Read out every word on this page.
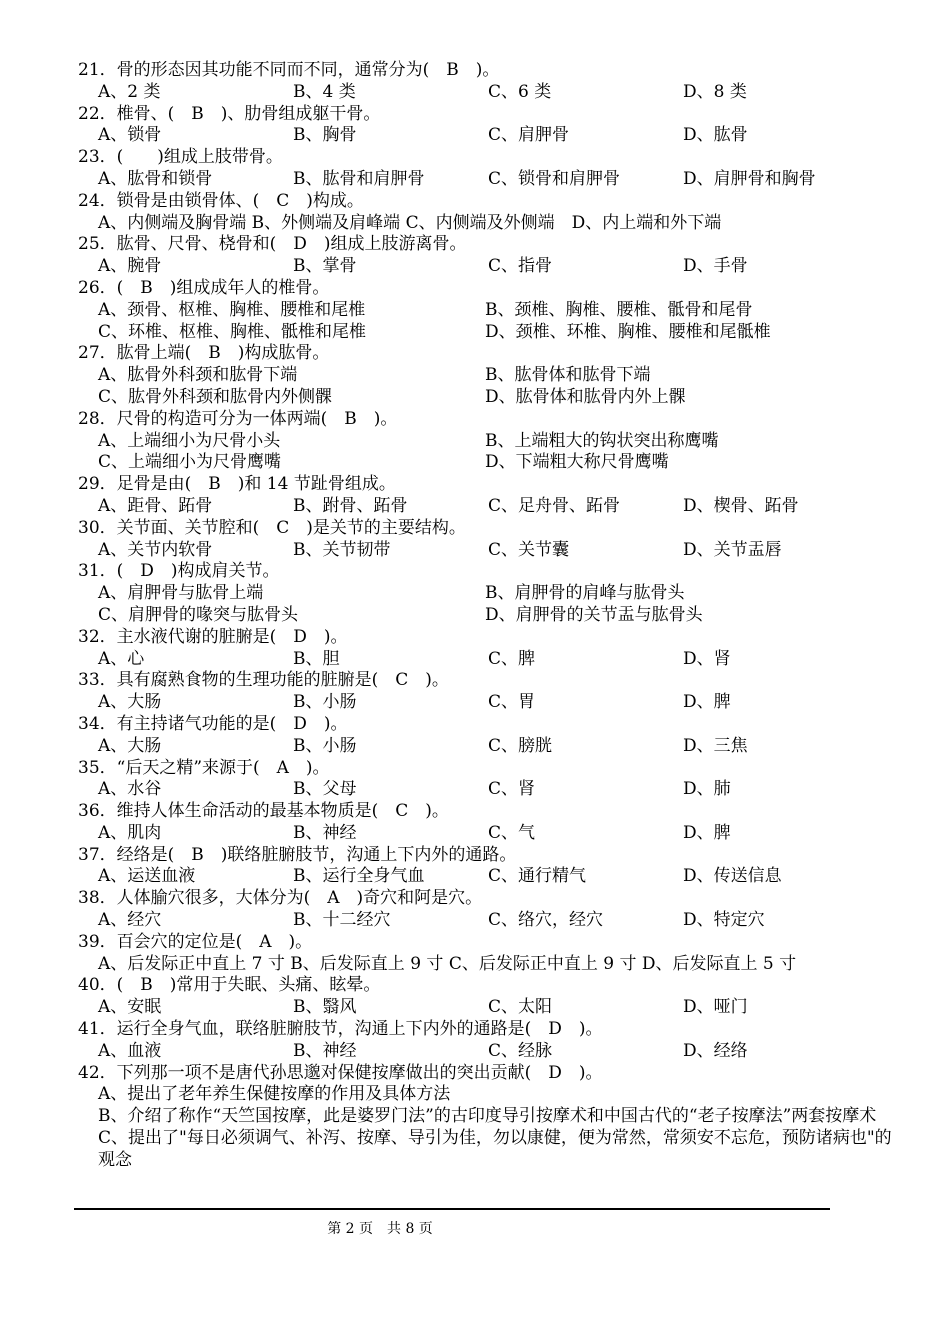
21．骨的形态因其功能不同而不同，通常分为(　B　)。
A、2 类	B、4 类	C、6 类	D、8 类
22．椎骨、(　B　)、肋骨组成躯干骨。
A、锁骨	B、胸骨	C、肩胛骨	D、肱骨
23．(　　)组成上肢带骨。
A、肱骨和锁骨	B、肱骨和肩胛骨	C、锁骨和肩胛骨	D、肩胛骨和胸骨
24．锁骨是由锁骨体、(　C　)构成。
A、内侧端及胸骨端 B、外侧端及肩峰端 C、内侧端及外侧端　D、内上端和外下端
25．肱骨、尺骨、桡骨和(　D　)组成上肢游离骨。
A、腕骨	B、掌骨	C、指骨	D、手骨
26．(　B　)组成成年人的椎骨。
A、颈骨、枢椎、胸椎、腰椎和尾椎	B、颈椎、胸椎、腰椎、骶骨和尾骨
C、环椎、枢椎、胸椎、骶椎和尾椎	D、颈椎、环椎、胸椎、腰椎和尾骶椎
27．肱骨上端(　B　)构成肱骨。
A、肱骨外科颈和肱骨下端	B、肱骨体和肱骨下端
C、肱骨外科颈和肱骨内外侧髁	D、肱骨体和肱骨内外上髁
28．尺骨的构造可分为一体两端(　B　)。
A、上端细小为尺骨小头	B、上端粗大的钩状突出称鹰嘴
C、上端细小为尺骨鹰嘴	D、下端粗大称尺骨鹰嘴
29．足骨是由(　B　)和 14 节趾骨组成。
A、距骨、跖骨	B、跗骨、跖骨	C、足舟骨、跖骨	D、楔骨、跖骨
30．关节面、关节腔和(　C　)是关节的主要结构。
A、关节内软骨	B、关节韧带	C、关节囊	D、关节盂唇
31．(　D　)构成肩关节。
A、肩胛骨与肱骨上端	B、肩胛骨的肩峰与肱骨头
C、肩胛骨的喙突与肱骨头	D、肩胛骨的关节盂与肱骨头
32．主水液代谢的脏腑是(　D　)。
A、心	B、胆	C、脾	D、肾
33．具有腐熟食物的生理功能的脏腑是(　C　)。
A、大肠	B、小肠	C、胃	D、脾
34．有主持诸气功能的是(　D　)。
A、大肠	B、小肠	C、膀胱	D、三焦
35．“后天之精”来源于(　A　)。
A、水谷	B、父母	C、肾	D、肺
36．维持人体生命活动的最基本物质是(　C　)。
A、肌肉	B、神经	C、气	D、脾
37．经络是(　B　)联络脏腑肢节，沟通上下内外的通路。
A、运送血液	B、运行全身气血	C、通行精气	D、传送信息
38．人体腧穴很多，大体分为(　A　)奇穴和阿是穴。
A、经穴	B、十二经穴	C、络穴，经穴	D、特定穴
39．百会穴的定位是(　A　)。
A、后发际正中直上 7 寸 B、后发际直上 9 寸 C、后发际正中直上 9 寸 D、后发际直上 5 寸
40．(　B　)常用于失眠、头痛、眩晕。
A、安眠	B、翳风	C、太阳	D、哑门
41．运行全身气血，联络脏腑肢节，沟通上下内外的通路是(　D　)。
A、血液	B、神经	C、经脉	D、经络
42．下列那一项不是唐代孙思邈对保健按摩做出的突出贡献(　D　)。
A、提出了老年养生保健按摩的作用及具体方法
B、介绍了称作“天竺国按摩，此是婆罗门法”的古印度导引按摩术和中国古代的“老子按摩法”两套按摩术
C、提出了"每日必须调气、补泻、按摩、导引为佳，勿以康健，便为常然，常须安不忘危，预防诸病也"的观念
第 2 页　共 8 页
